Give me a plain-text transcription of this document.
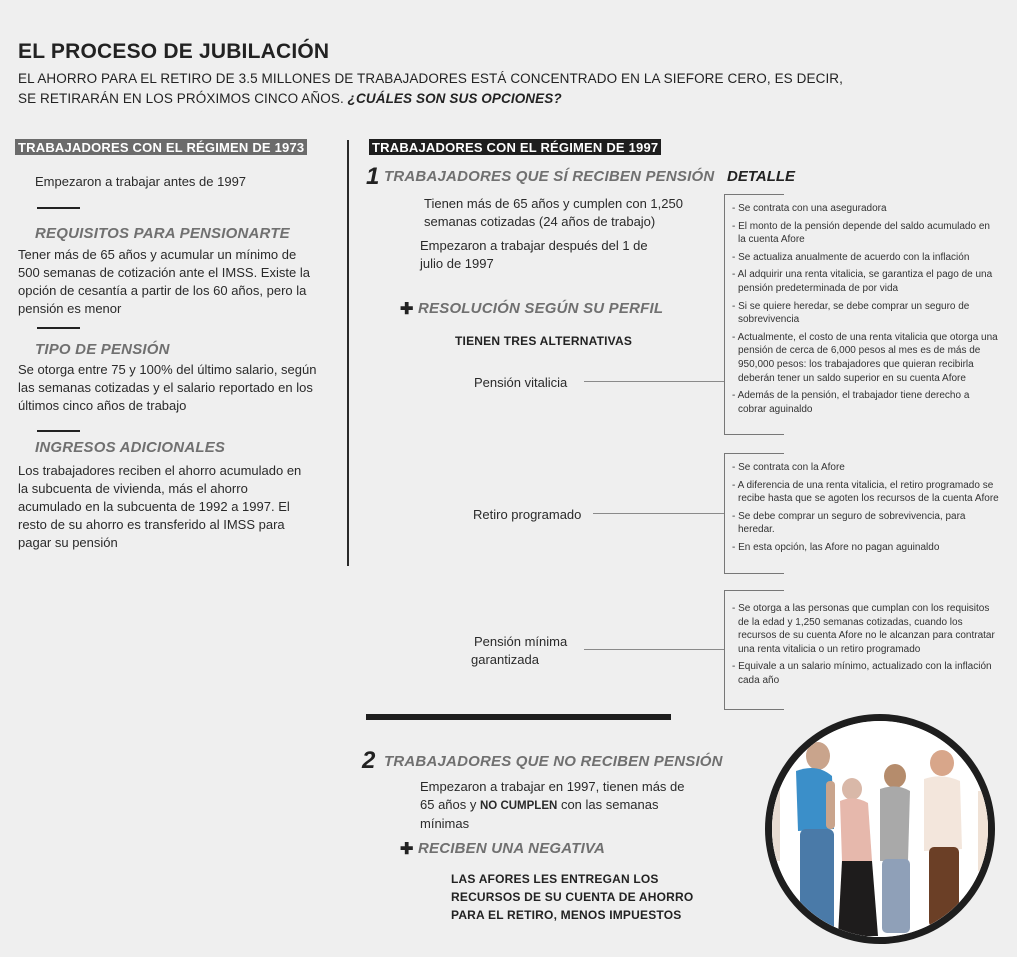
EL PROCESO DE JUBILACIÓN
EL AHORRO PARA EL RETIRO DE 3.5 MILLONES DE TRABAJADORES ESTÁ CONCENTRADO EN LA SIEFORE CERO, ES DECIR,
SE RETIRARÁN EN LOS PRÓXIMOS CINCO AÑOS. ¿CUÁLES SON SUS OPCIONES?
TRABAJADORES CON EL RÉGIMEN DE 1973
Empezaron a trabajar antes de 1997
REQUISITOS PARA PENSIONARTE
Tener más de 65 años y acumular un mínimo de 500 semanas de cotización ante el IMSS. Existe la opción de cesantía a partir de los 60 años, pero la pensión es menor
TIPO DE PENSIÓN
Se otorga entre 75 y 100% del último salario, según las semanas cotizadas y el salario reportado en los últimos cinco años de trabajo
INGRESOS ADICIONALES
Los trabajadores reciben el ahorro acumulado en la subcuenta de vivienda, más el ahorro acumulado en la subcuenta de 1992 a 1997. El resto de su ahorro es transferido al IMSS para pagar su pensión
TRABAJADORES CON EL RÉGIMEN DE 1997
1 TRABAJADORES QUE SÍ RECIBEN PENSIÓN
Tienen más de 65 años y cumplen con 1,250 semanas cotizadas (24 años de trabajo)
Empezaron a trabajar después del 1 de julio de 1997
✚ RESOLUCIÓN SEGÚN SU PERFIL
TIENEN TRES ALTERNATIVAS
Pensión vitalicia
Retiro programado
Pensión mínima
garantizada
DETALLE
- Se contrata con una aseguradora
- El monto de la pensión depende del saldo acumulado en la cuenta Afore
- Se actualiza anualmente de acuerdo con la inflación
- Al adquirir una renta vitalicia, se garantiza el pago de una pensión predeterminada de por vida
- Si se quiere heredar, se debe comprar un seguro de sobrevivencia
- Actualmente, el costo de una renta vitalicia que otorga una pensión de cerca de 6,000 pesos al mes es de más de 950,000 pesos: los trabajadores que quieran recibirla deberán tener un saldo superior en su cuenta Afore
- Además de la pensión, el trabajador tiene derecho a cobrar aguinaldo
- Se contrata con la Afore
- A diferencia de una renta vitalicia, el retiro programado se recibe hasta que se agoten los recursos de la cuenta Afore
- Se debe comprar un seguro de sobrevivencia, para heredar.
- En esta opción, las Afore no pagan aguinaldo
- Se otorga a las personas que cumplan con los requisitos de la edad y 1,250 semanas cotizadas, cuando los recursos de su cuenta Afore no le alcanzan para contratar una renta vitalicia o un retiro programado
- Equivale a un salario mínimo, actualizado con la inflación cada año
2 TRABAJADORES QUE NO RECIBEN PENSIÓN
Empezaron a trabajar en 1997, tienen más de 65 años y NO CUMPLEN con las semanas mínimas
✚ RECIBEN UNA NEGATIVA
LAS AFORES LES ENTREGAN LOS RECURSOS DE SU CUENTA DE AHORRO PARA EL RETIRO, MENOS IMPUESTOS
